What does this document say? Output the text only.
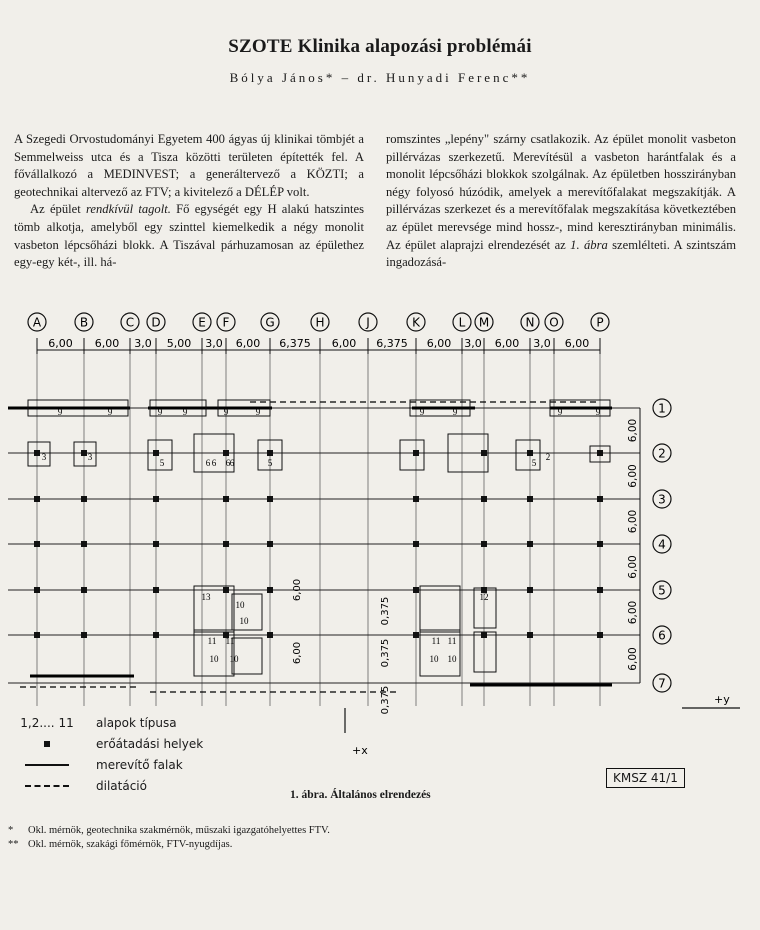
SZOTE Klinika alapozási problémái
Bólya János* – dr. Hunyadi Ferenc**

A Szegedi Orvostudományi Egyetem 400 ágyas új klinikai tömbjét a Semmelweiss utca és a Tisza közötti területen építették fel. A fővállalkozó a MEDINVEST; a generáltervező a KÖZTI; a geotechnikai altervező az FTV; a kivitelező a DÉLÉP volt.

Az épület rendkívül tagolt. Fő egységét egy H alakú hatszintes tömb alkotja, amelyből egy szinttel kiemelkedik a négy monolit vasbeton lépcsőházi blokk. A Tiszával párhuzamosan az épülethez egy-egy két-, ill. há-

romszintes „lepény" szárny csatlakozik. Az épület monolit vasbeton pillérvázas szerkezetű. Merevítésül a vasbeton harántfalak és a monolit lépcsőházi blokkok szolgálnak. Az épületben hosszirányban négy folyosó húzódik, amelyek a merevítőfalakat megszakítják. A pillérvázas szerkezet és a merevítőfalak megszakítása következtében az épület merevsége mind hossz-, mind keresztirányban minimális. Az épület alaprajzi elrendezését az 1. ábra szemlélteti. A szintszám ingadozásá-

9	9	9 9	9	9	9	9	9	9
3	3
5	6 6	5
6 6	5
2
13
10
10
11 11
10 10
12
11 11
10 10
A	B	C D	E F	G	H	J	K	L M	N O	P
6,00 6,00 3,0 5,00 3,0 6,00 6,375 6,00 6,375 6,00 3,0 6,00 3,0 6,00
1
2
3
4
5
6
7
6,00
6,00
6,00
6,00
6,00
6,00
6,00
6,00
0,375
0,375
0,375
+x
+y
1,2.... 11 alapok típusa
erőátadási helyek
merevítő falak
dilatáció
KMSZ 41/1
1. ábra. Általános elrendezés
* Okl. mérnök, geotechnika szakmérnök, műszaki igazgatóhelyettes FTV.
** Okl. mérnök, szakági főmérnök, FTV-nyugdíjas.
